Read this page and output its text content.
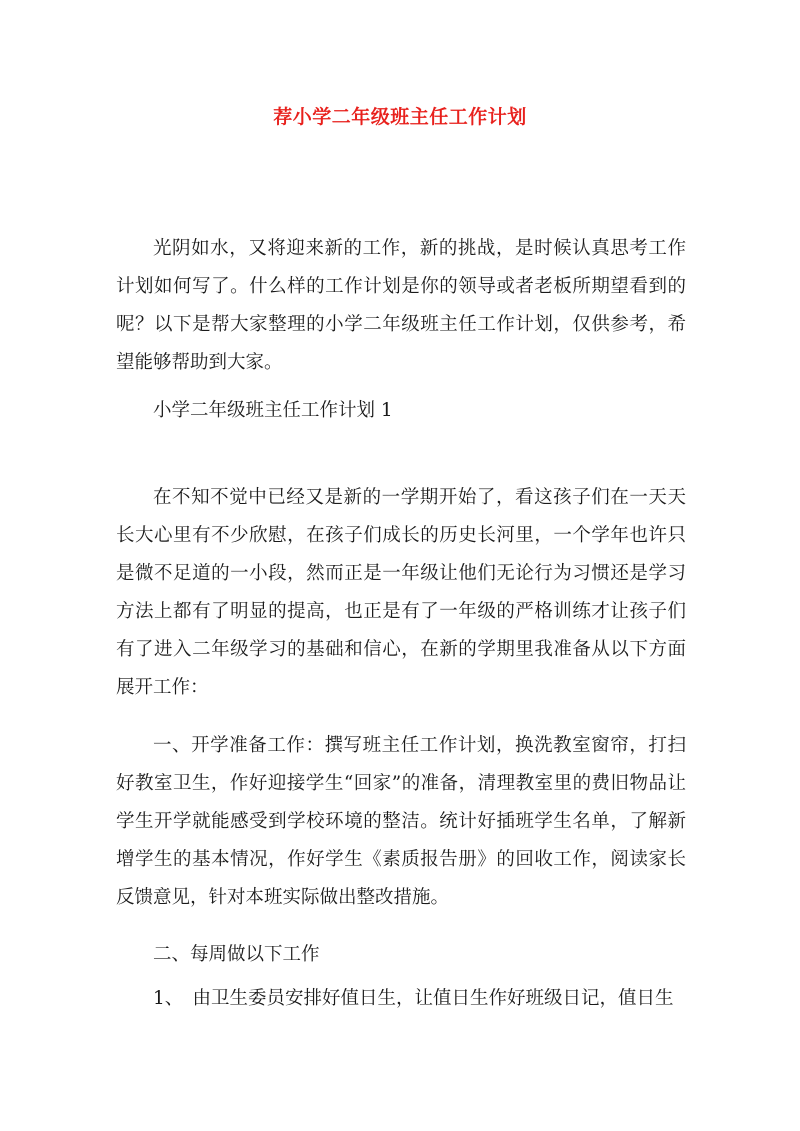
荐小学二年级班主任工作计划

光阴如水，又将迎来新的工作，新的挑战，是时候认真思考工作计划如何写了。什么样的工作计划是你的领导或者老板所期望看到的呢？以下是帮大家整理的小学二年级班主任工作计划，仅供参考，希望能够帮助到大家。

小学二年级班主任工作计划 1

在不知不觉中已经又是新的一学期开始了，看这孩子们在一天天长大心里有不少欣慰，在孩子们成长的历史长河里，一个学年也许只是微不足道的一小段，然而正是一年级让他们无论行为习惯还是学习方法上都有了明显的提高，也正是有了一年级的严格训练才让孩子们有了进入二年级学习的基础和信心，在新的学期里我准备从以下方面展开工作：

一、开学准备工作：撰写班主任工作计划，换洗教室窗帘，打扫好教室卫生，作好迎接学生“回家”的准备，清理教室里的费旧物品让学生开学就能感受到学校环境的整洁。统计好插班学生名单，了解新增学生的基本情况，作好学生《素质报告册》的回收工作，阅读家长反馈意见，针对本班实际做出整改措施。

二、每周做以下工作

1、　由卫生委员安排好值日生，让值日生作好班级日记，值日生
